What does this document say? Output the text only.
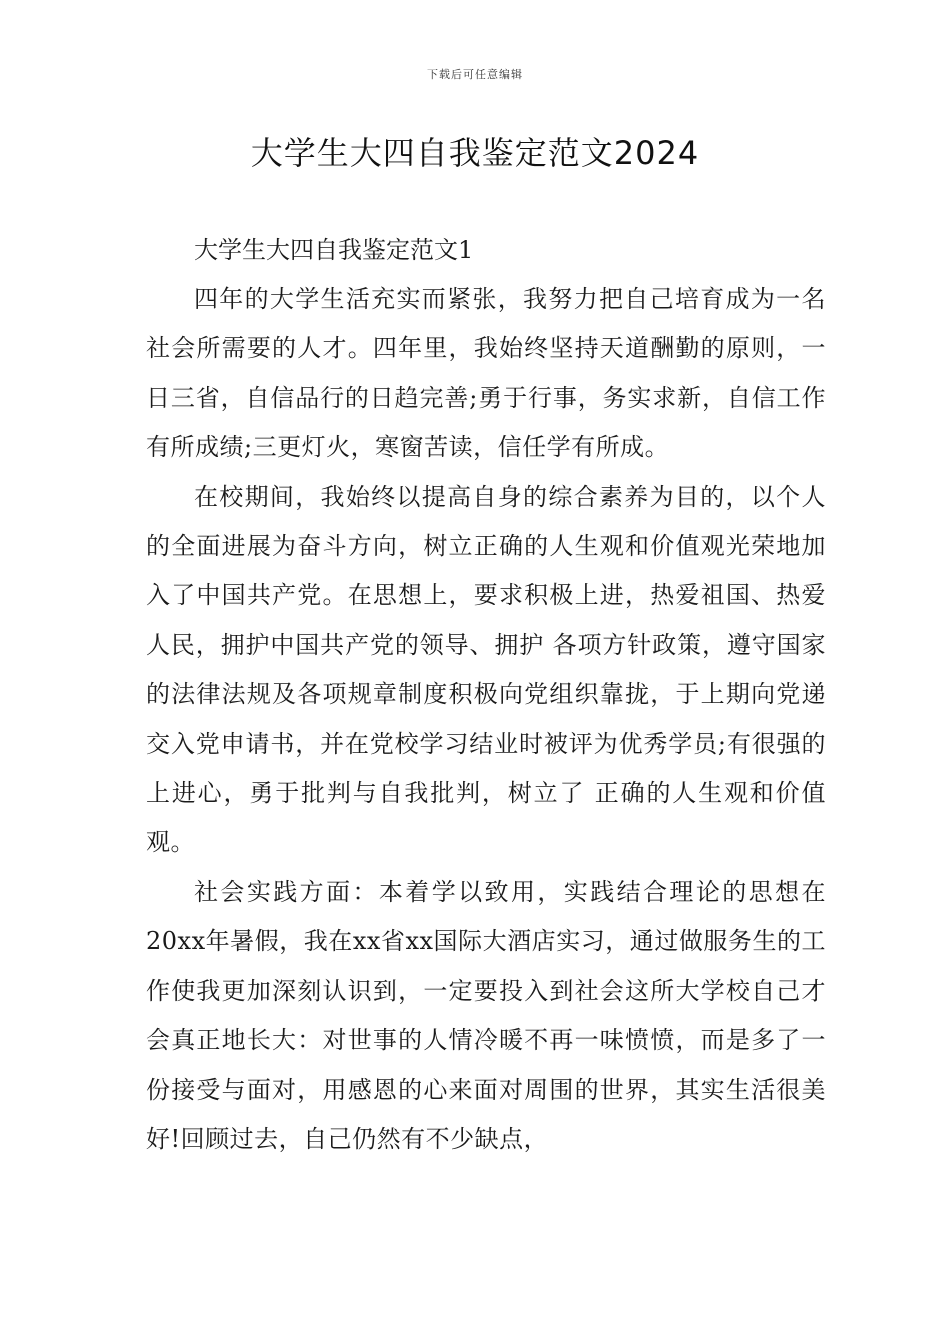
下载后可任意编辑
大学生大四自我鉴定范文2024

大学生大四自我鉴定范文1

四年的大学生活充实而紧张，我努力把自己培育成为一名社会所需要的人才。四年里，我始终坚持天道酬勤的原则，一日三省，自信品行的日趋完善;勇于行事，务实求新，自信工作有所成绩;三更灯火，寒窗苦读，信任学有所成。

在校期间，我始终以提高自身的综合素养为目的，以个人的全面进展为奋斗方向，树立正确的人生观和价值观光荣地加入了中国共产党。在思想上，要求积极上进，热爱祖国、热爱人民，拥护中国共产党的领导、拥护 各项方针政策，遵守国家的法律法规及各项规章制度积极向党组织靠拢，于上期向党递交入党申请书，并在党校学习结业时被评为优秀学员;有很强的上进心，勇于批判与自我批判，树立了 正确的人生观和价值观。

社会实践方面：本着学以致用，实践结合理论的思想在20xx年暑假，我在xx省xx国际大酒店实习，通过做服务生的工作使我更加深刻认识到，一定要投入到社会这所大学校自己才会真正地长大：对世事的人情冷暖不再一味愤愤，而是多了一份接受与面对，用感恩的心来面对周围的世界，其实生活很美好!回顾过去，自己仍然有不少缺点，
